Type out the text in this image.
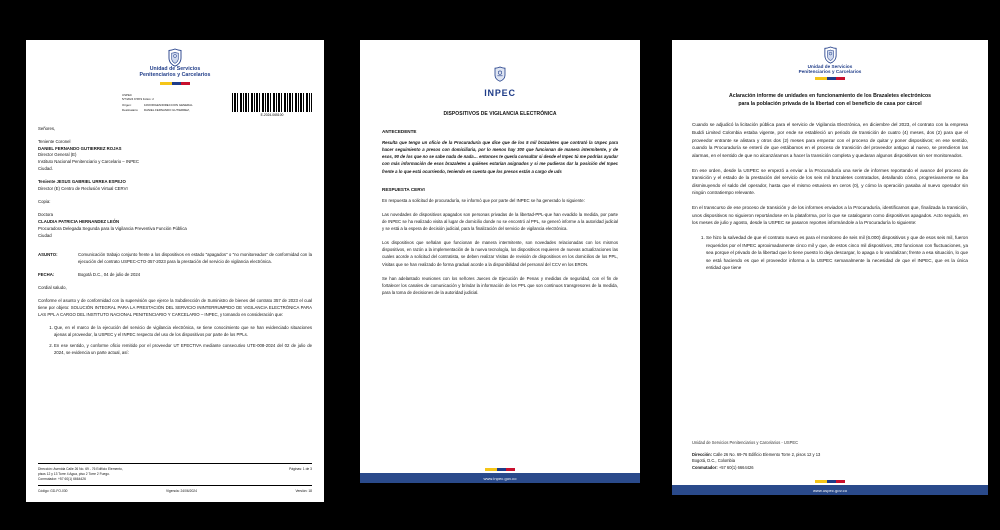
Unidad de Servicios
Penitenciarios y Carcelarios
USPEC
5/7/2024 9:58:9 Folios: 2
Origen:	106/ORIGEN/DIRECCION GENERAL
Destinatario: DANIEL FERNANDO GUTIERREZ,
E-2024-065100

Señores,

Teniente Coronel
DANIEL FERNANDO GUTIERREZ ROJAS
Director General (E)
Instituto Nacional Penitenciario y Carcelario – INPEC
Ciudad.

Teniente JESUS GABRIEL URREA ESPEJO
Director (E) Centro de Reclusión Virtual CERVI

Copia:

Doctora
CLAUDIA PATRICIA HERNANDEZ LEÓN
Procuradora Delegada Segunda para la Vigilancia Preventiva Función Pública
Ciudad

ASUNTO:	Comunicación trabajo conjunto frente a los dispositivos en estado "apagados" o "no monitoreados" de conformidad con la ejecución del contrato USPEC-CTO-357-2023 para la prestación del servicio de vigilancia electrónica.
FECHA:	Bogotá D.C., 04 de julio de 2024

Cordial saludo,

Conforme el asunto y de conformidad con la supervisión que ejerce la Subdirección de Suministro de bienes del contrato 357 de 2023 el cual tiene por objeto: SOLUCIÓN INTEGRAL PARA LA PRESTACIÓN DEL SERVICIO ININTERRUMPIDO DE VIGILANCIA ELECTRÓNICA PARA LAS PPL A CARGO DEL INSTITUTO NACIONAL PENITENCIARIO Y CARCELARIO – INPEC, y tomando en consideración que:

1. Que, en el marco de la ejecución del servicio de vigilancia electrónica, se tiene conocimiento que se han evidenciado situaciones ajenas al proveedor, la USPEC y el INPEC respecto del uso de los dispositivos por parte de los PPLs.
2. En ese sentido, y conforme oficio remitido por el proveedor UT EFECTIVA mediante consecutivo UTE-008-2024 del 02 de julio de 2024, se evidencia un parte actual, así:
Dirección: Avenida Calle 26 No. 69 - 76 Edificio Elemento,
pisos 12 y 13 Torre 4 Agua, piso 2 Torre 2 Fuego.
Conmutador: +57 60(1) 6664426
Páginas: 1 de 3
Código: GD-FO-030	Vigencia: 24/06/2024	Versión: 18
INPEC
DISPOSITIVOS DE VIGILANCIA ELECTRÓNICA
ANTECEDENTE

Resulta que tengo un oficio de la Procuraduría que dice que de los 5 mil brazaletes que contrató la Uspec para hacer seguimiento a presos con domiciliaria, por lo menos hay 300 que funcionan de manera intermitente, y de esos, 90 de los que no se sabe nada de nada… entonces te quería consultar si desde el Inpec tú me podrías ayudar con más información de esos brazaletes a quiénes estarían asignados y si me pudieras dar la posición del Inpec frente a lo que está ocurriendo, teniendo en cuenta que los presos están a cargo de uds

RESPUESTA CERVI

En respuesta a solicitud de procuraduría, se informó que por parte del INPEC se ha generado lo siguiente:

Las novedades de dispositivos apagados son personas privadas de la libertad-PPL-que han evadido la medida, por parte de INPEC se ha realizado visita al lugar de domicilio donde no se encontró al PPL, se generó informe a la autoridad judicial y se está a la espera de decisión judicial, para la finalización del servicio de vigilancia electrónica.

Los dispositivos que señalan que funcionan de manera intermitente, son novedades relacionadas con los mismos dispositivos, en razón a la implementación de la nueva tecnología, los dispositivos requieren de nuevas actualizaciones las cuales acorde a solicitud del contratista, se deben realizar Visitas de revisión de dispositivos en los domicilios de los PPL, Visitas que se han realizado de forma gradual acorde a la disponibilidad del personal del CCV en los ERON.

Se han adelantado reuniones con los señores Jueces de Ejecución de Penas y medidas de seguridad, con el fin de fortalecer los canales de comunicación y brindar la información de los PPL que son continuos transgresores de la medida, para la toma de decisiones de la autoridad judicial.

www.inpec.gov.co
Unidad de Servicios
Penitenciarios y Carcelarios
Aclaración informe de unidades en funcionamiento de los Brazaletes electrónicos
para la población privada de la libertad con el beneficio de casa por cárcel

Cuando se adjudicó la licitación pública para el servicio de Vigilancia Electrónica, en diciembre del 2023, el contrato con la empresa Buddi Limited Colombia estaba vigente, por ende se estableció un periodo de transición de cuatro (4) meses, dos (2) para que el proveedor entrante se alistara y otros dos (2) meses para empezar con el proceso de quitar y poner dispositivos; en ese sentido, cuando la Procuraduría se enteró de que estábamos en el proceso de transición del proveedor antiguo al nuevo, se prendieron las alarmas, en el sentido de que no alcanzáramos a hacer la transición completa y quedaran algunos dispositivos sin ser monitoreados.

En ese orden, desde la USPEC se empezó a enviar a la Procuraduría una serie de informes reportando el avance del proceso de transición y el estado de la prestación del servicio de los seis mil brazaletes contratados, detallando cómo, progresivamente se iba disminuyendo el saldo del operador, hasta que el mismo estuviera en ceros (0), y cómo la operación pasaba al nuevo operador sin ningún contratiempo relevante.

En el transcurso de ese proceso de transición y de los informes enviados a la Procuraduría, identificamos que, finalizada la transición, unos dispositivos no siguieron reportándose en la plataforma, por lo que se catalogaron como dispositivos apagados. Acto seguido, en los meses de julio y agosto, desde la USPEC se pasaron reportes informándole a la Procuraduría lo siguiente:

1. Se hizo la salvedad de que el contrato nuevo es para el monitoreo de seis mil (6.000) dispositivos y que de esos seis mil, fueron requeridos por el INPEC aproximadamente cinco mil y que, de estos cinco mil dispositivos, 292 funcionan con fluctuaciones, ya sea porque el privado de la libertad que lo tiene puesto lo deja descargar, lo apaga o lo vandalizan; frente a esa situación, lo que se está haciendo es que el proveedor informa a la USPEC semanalmente la necesidad de que el INPEC, que es la única entidad que tiene
Unidad de Servicios Penitenciarios y Carcelarios - USPEC
Dirección: Calle 26 No. 69-76 Edificio Elemento Torre 2, pisos 12 y 13
Bogotá, D.C., Colombia
Conmutador: +57 60(1) 6664426
www.uspec.gov.co
